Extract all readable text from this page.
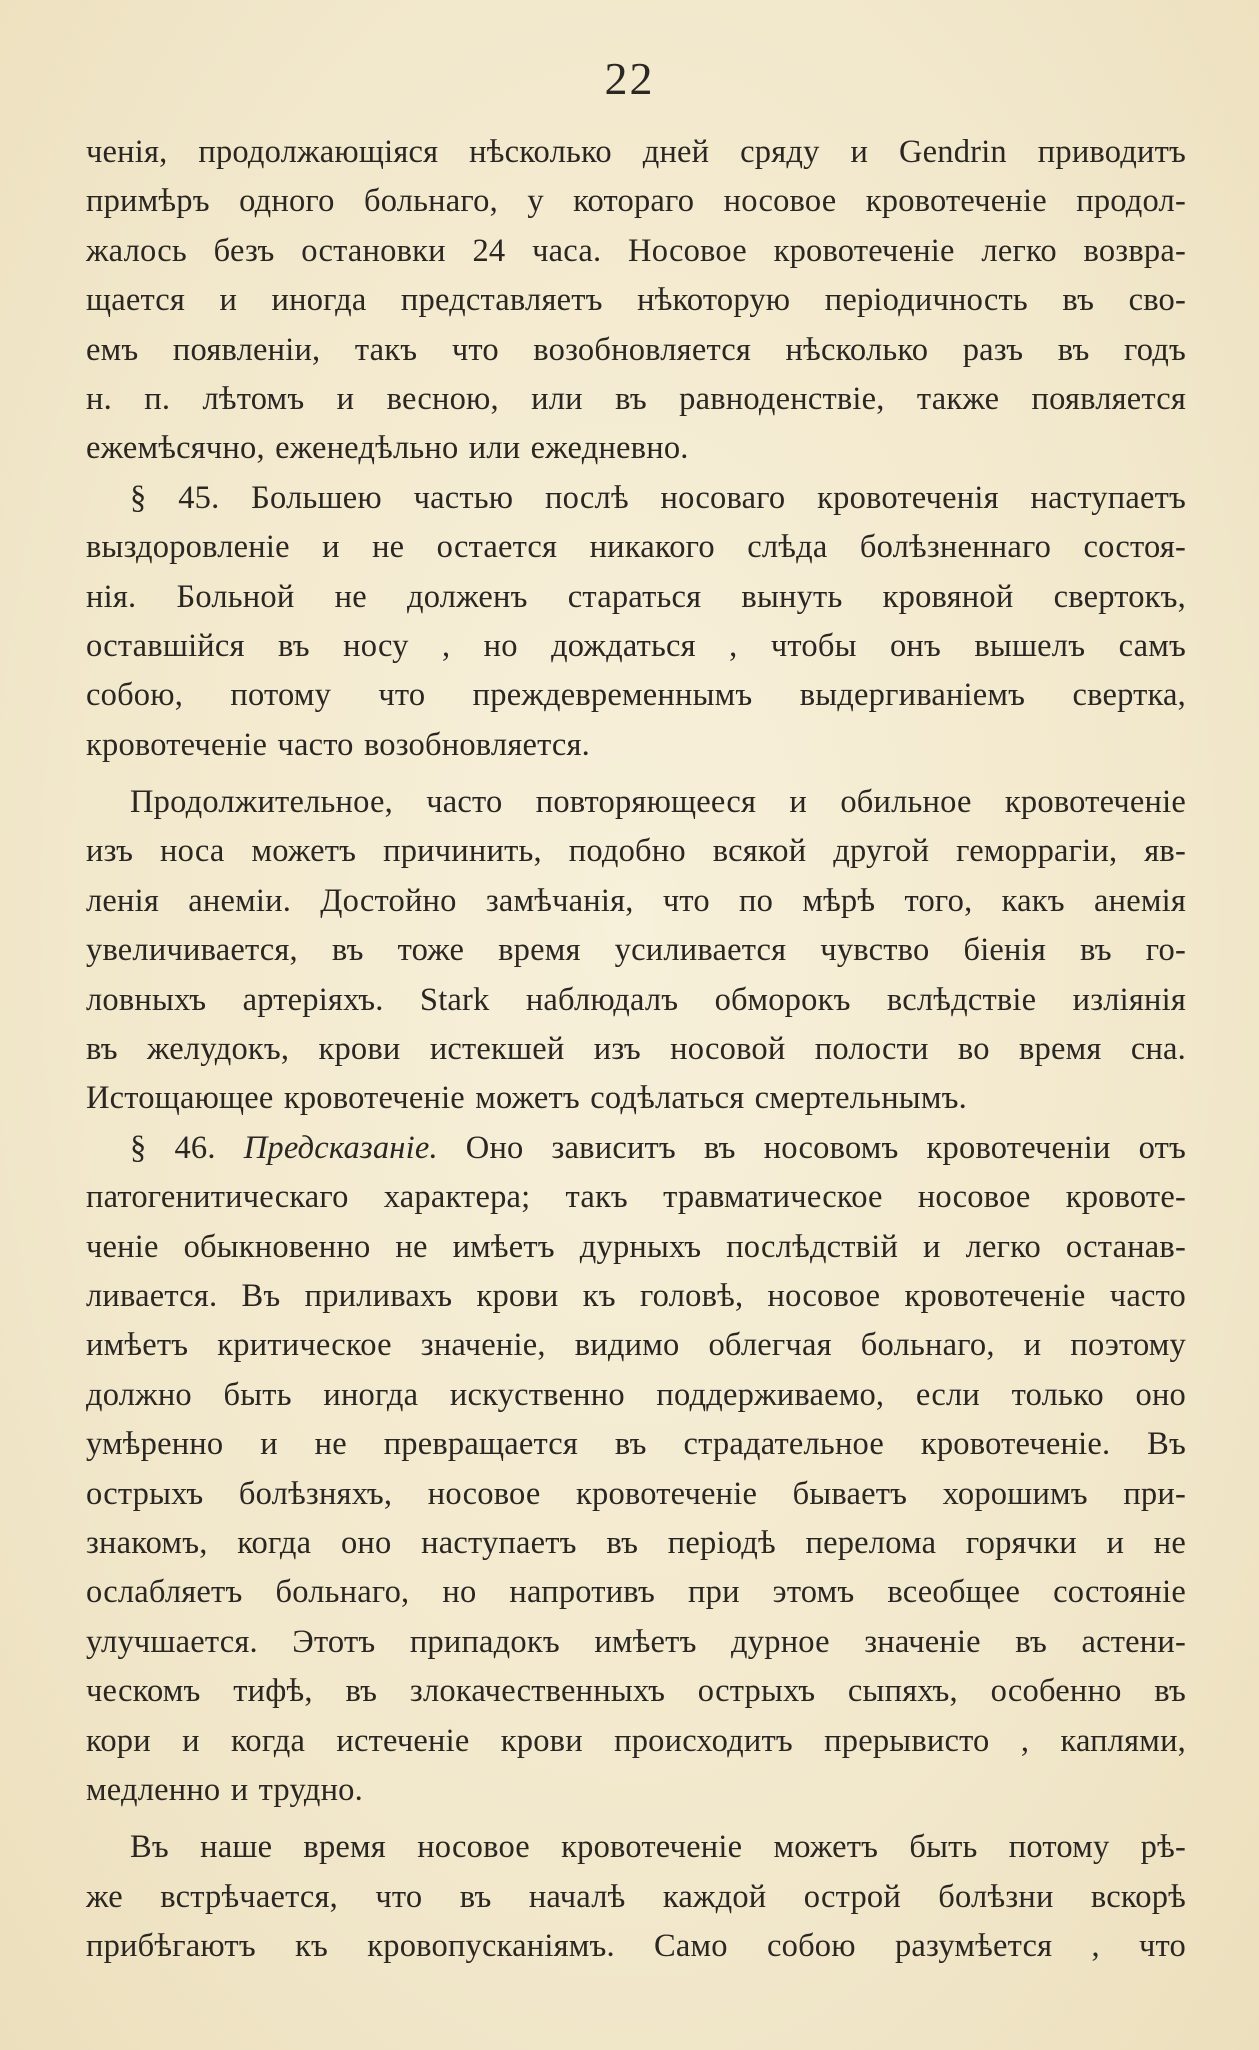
22
ченія, продолжающіяся нѣсколько дней сряду и Gendrin приводитъ
примѣръ одного больнаго, у котораго носовое кровотеченіе продол-
жалось безъ остановки 24 часа. Носовое кровотеченіе легко возвра-
щается и иногда представляетъ нѣкоторую періодичность въ сво-
емъ появленіи, такъ что возобновляется нѣсколько разъ въ годъ
н. п. лѣтомъ и весною, или въ равноденствіе, также появляется
ежемѣсячно, еженедѣльно или ежедневно.
§ 45. Большею частью послѣ носоваго кровотеченія наступаетъ
выздоровленіе и не остается никакого слѣда болѣзненнаго состоя-
нія. Больной не долженъ стараться вынуть кровяной свертокъ,
оставшійся въ носу , но дождаться , чтобы онъ вышелъ самъ
собою, потому что преждевременнымъ выдергиваніемъ свертка,
кровотеченіе часто возобновляется.
Продолжительное, часто повторяющееся и обильное кровотеченіе
изъ носа можетъ причинить, подобно всякой другой геморрагіи, яв-
ленія анеміи. Достойно замѣчанія, что по мѣрѣ того, какъ анемія
увеличивается, въ тоже время усиливается чувство біенія въ го-
ловныхъ артеріяхъ. Stark наблюдалъ обморокъ вслѣдствіе изліянія
въ желудокъ, крови истекшей изъ носовой полости во время сна.
Истощающее кровотеченіе можетъ содѣлаться смертельнымъ.
§ 46. Предсказаніе. Оно зависитъ въ носовомъ кровотеченіи отъ
патогенитическаго характера; такъ травматическое носовое кровоте-
ченіе обыкновенно не имѣетъ дурныхъ послѣдствій и легко останав-
ливается. Въ приливахъ крови къ головѣ, носовое кровотеченіе часто
имѣетъ критическое значеніе, видимо облегчая больнаго, и поэтому
должно быть иногда искуственно поддерживаемо, если только оно
умѣренно и не превращается въ страдательное кровотеченіе. Въ
острыхъ болѣзняхъ, носовое кровотеченіе бываетъ хорошимъ при-
знакомъ, когда оно наступаетъ въ періодѣ перелома горячки и не
ослабляетъ больнаго, но напротивъ при этомъ всеобщее состояніе
улучшается. Этотъ припадокъ имѣетъ дурное значеніе въ астени-
ческомъ тифѣ, въ злокачественныхъ острыхъ сыпяхъ, особенно въ
кори и когда истеченіе крови происходитъ прерывисто , каплями,
медленно и трудно.
Въ наше время носовое кровотеченіе можетъ быть потому рѣ-
же встрѣчается, что въ началѣ каждой острой болѣзни вскорѣ
прибѣгаютъ къ кровопусканіямъ. Само собою разумѣется , что
